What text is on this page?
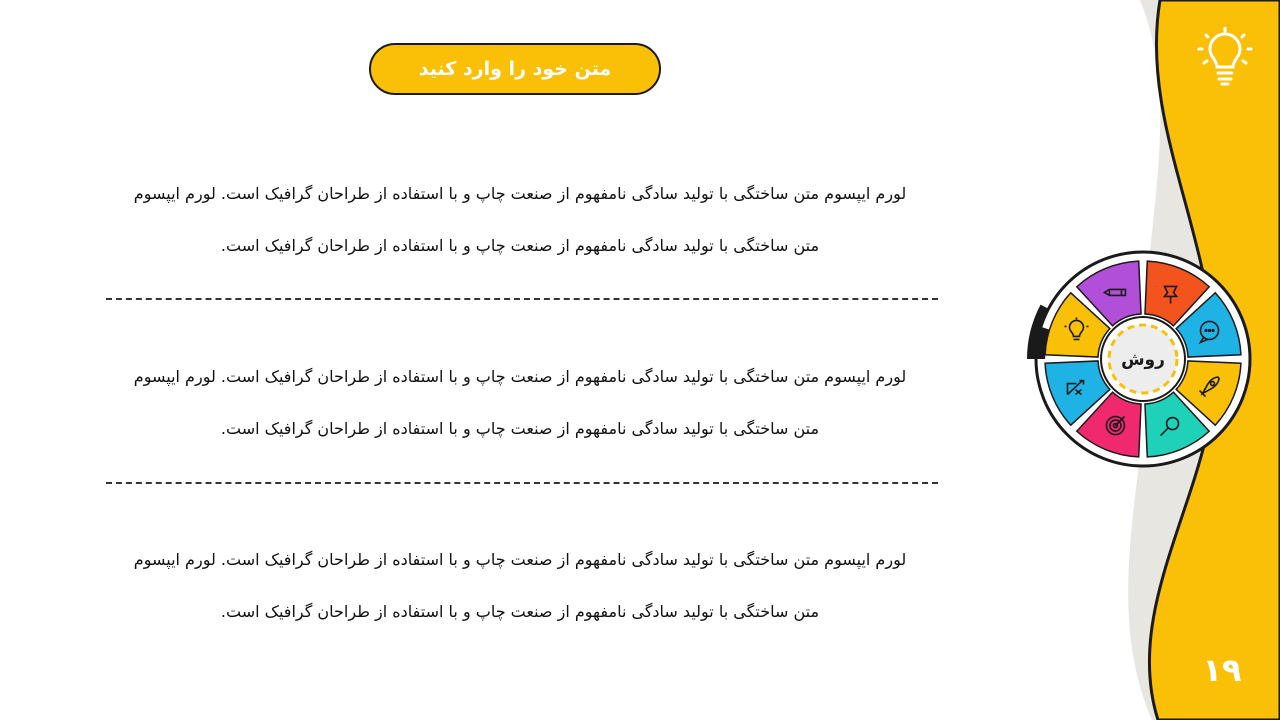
متن خود را وارد کنید
لورم ایپسوم متن ساختگی با تولید سادگی نامفهوم از صنعت چاپ و با استفاده از طراحان گرافیک است. لورم ایپسوم
متن ساختگی با تولید سادگی نامفهوم از صنعت چاپ و با استفاده از طراحان گرافیک است.
لورم ایپسوم متن ساختگی با تولید سادگی نامفهوم از صنعت چاپ و با استفاده از طراحان گرافیک است. لورم ایپسوم
متن ساختگی با تولید سادگی نامفهوم از صنعت چاپ و با استفاده از طراحان گرافیک است.
لورم ایپسوم متن ساختگی با تولید سادگی نامفهوم از صنعت چاپ و با استفاده از طراحان گرافیک است. لورم ایپسوم
متن ساختگی با تولید سادگی نامفهوم از صنعت چاپ و با استفاده از طراحان گرافیک است.
روش
۱۹
